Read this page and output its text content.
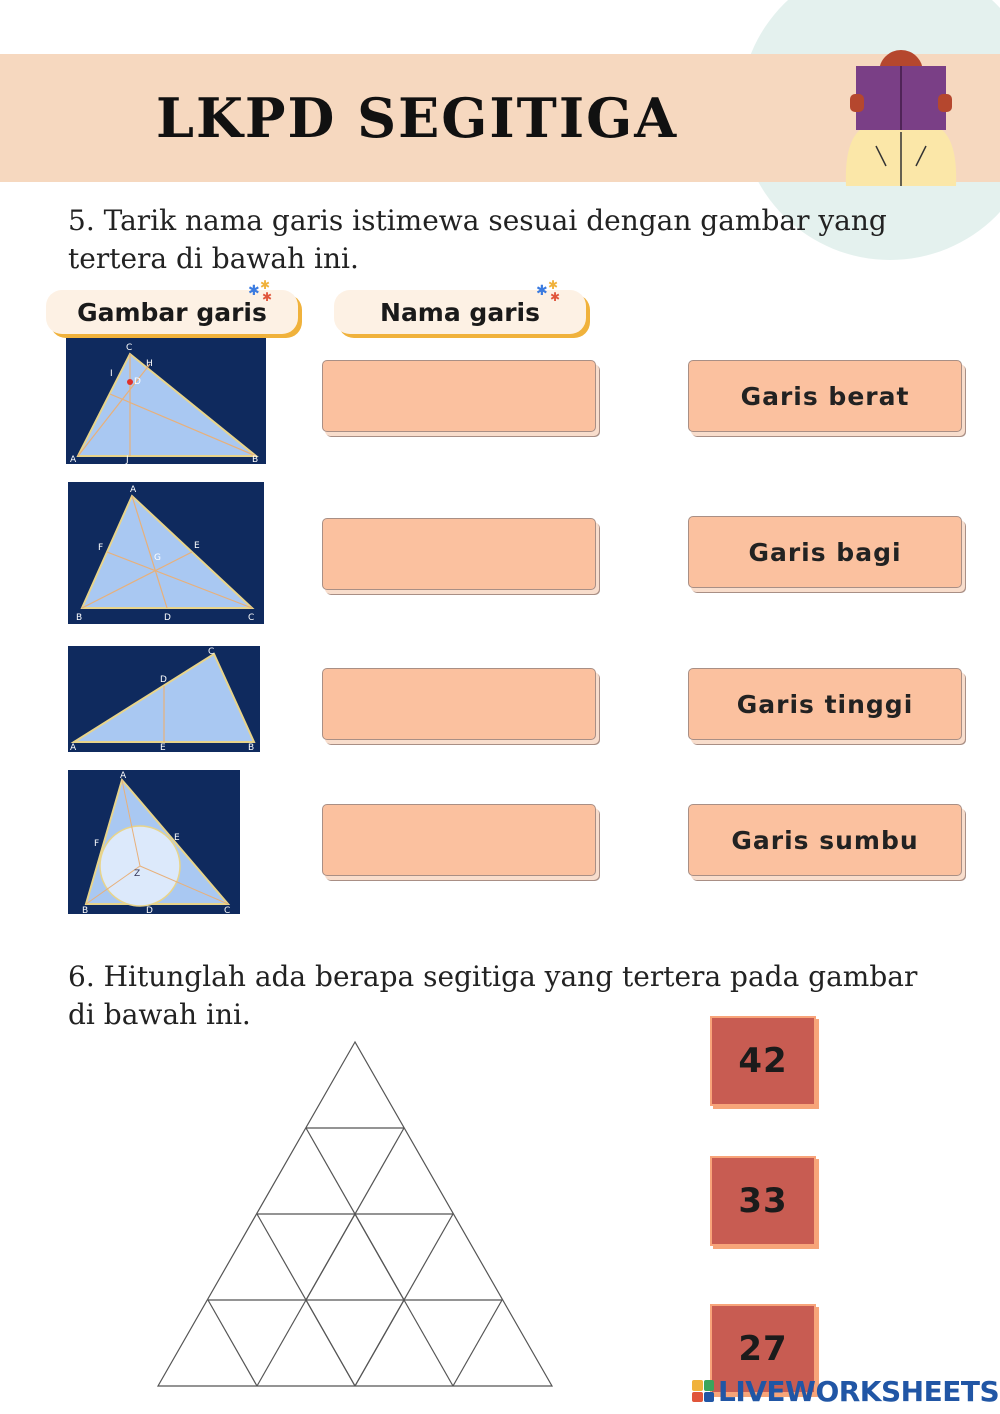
LKPD SEGITIGA
5. Tarik nama garis istimewa sesuai dengan gambar yang tertera di bawah ini.
Gambar garis
✱ ✱
✱
Nama garis
✱ ✱
✱
C
H
I
D
A	J	B
A
F
G
E
B	D	C
C
D
A	E	B
A
F
E
Z
B	D	C
Garis berat
Garis bagi
Garis tinggi
Garis sumbu
6. Hitunglah ada berapa segitiga yang tertera pada gambar di bawah ini.
42
33
27
LIVEWORKSHEETS
